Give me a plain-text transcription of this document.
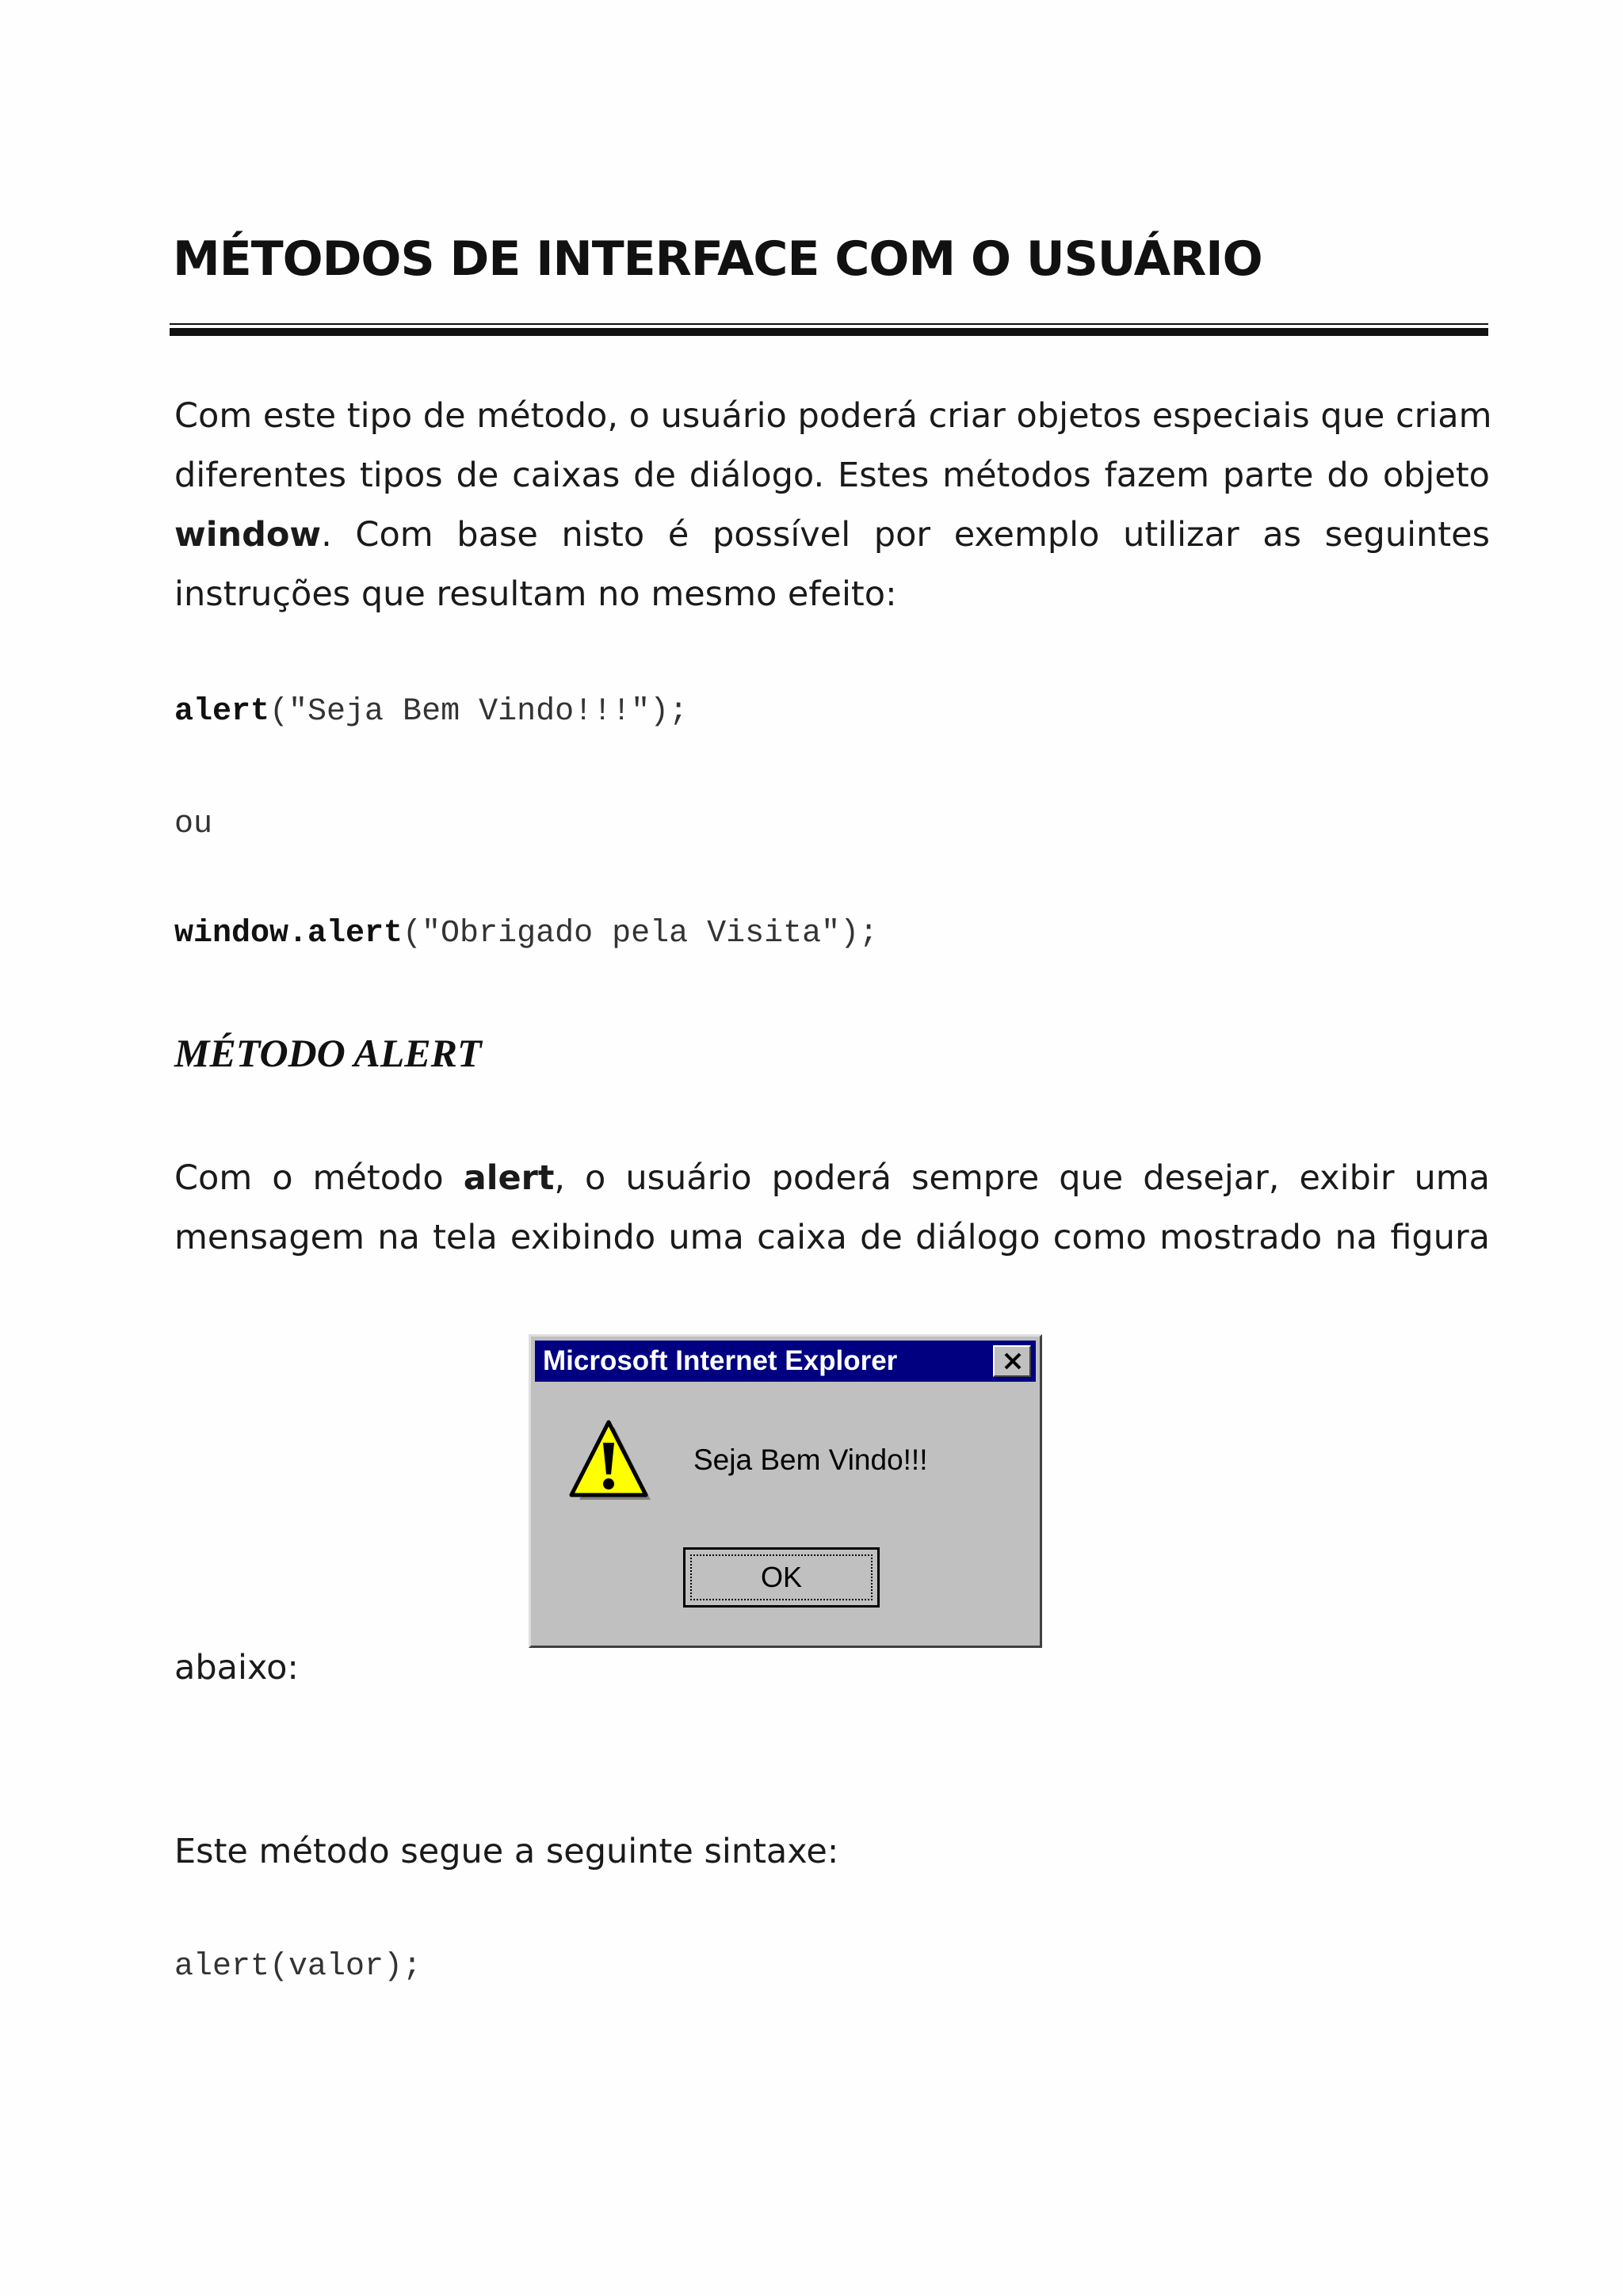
MÉTODOS DE INTERFACE COM O USUÁRIO
Com este tipo de método, o usuário poderá criar objetos especiais que criam
diferentes tipos de caixas de diálogo. Estes métodos fazem parte do objeto
window. Com base nisto é possível por exemplo utilizar as seguintes
instruções que resultam no mesmo efeito:
alert("Seja Bem Vindo!!!");
ou
window.alert("Obrigado pela Visita");
MÉTODO ALERT
Com o método alert, o usuário poderá sempre que desejar, exibir uma
mensagem na tela exibindo uma caixa de diálogo como mostrado na figura
Microsoft Internet Explorer
Seja Bem Vindo!!!
OK
abaixo:
Este método segue a seguinte sintaxe:
alert(valor);
